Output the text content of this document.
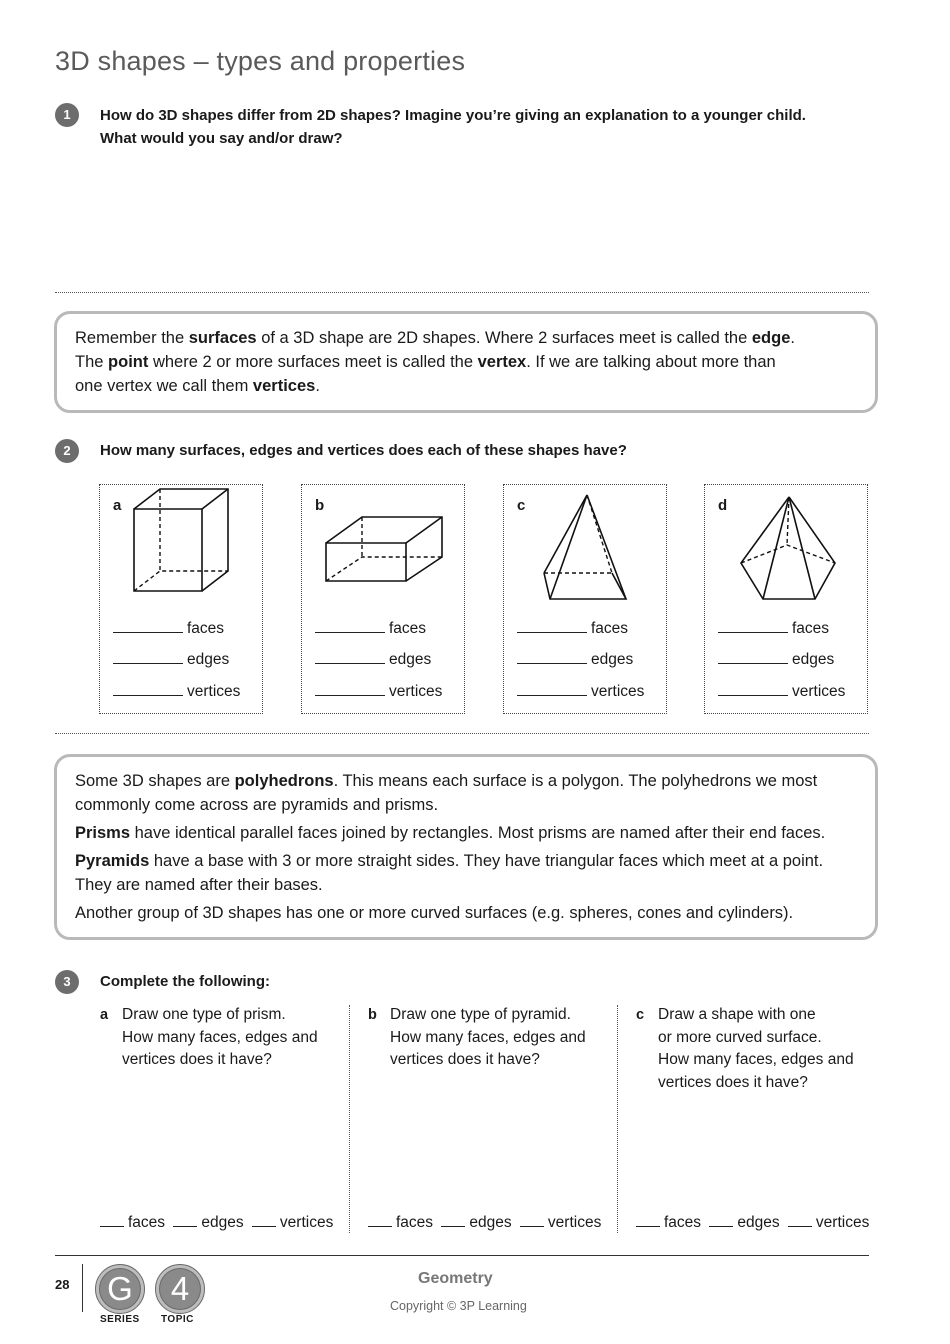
3D shapes – types and properties
1	How do 3D shapes differ from 2D shapes? Imagine you’re giving an explanation to a younger child.
What would you say and/or draw?

Remember the surfaces of a 3D shape are 2D shapes. Where 2 surfaces meet is called the edge.
The point where 2 or more surfaces meet is called the vertex. If we are talking about more than
one vertex we call them vertices.

2	How many surfaces, edges and vertices does each of these shapes have?
a
faces
edges
vertices
b
faces
edges
vertices
c
faces
edges
vertices
d
faces
edges
vertices

Some 3D shapes are polyhedrons. This means each surface is a polygon. The polyhedrons we most
commonly come across are pyramids and prisms.

Prisms have identical parallel faces joined by rectangles. Most prisms are named after their end faces.

Pyramids have a base with 3 or more straight sides. They have triangular faces which meet at a point.
They are named after their bases.

Another group of 3D shapes has one or more curved surfaces (e.g. spheres, cones and cylinders).

3	Complete the following:
a Draw one type of prism.
How many faces, edges and
vertices does it have?
faces edges vertices
b Draw one type of pyramid.
How many faces, edges and
vertices does it have?
faces edges vertices
c Draw a shape with one
or more curved surface.
How many faces, edges and
vertices does it have?
faces edges vertices
28 G
SERIES
4
TOPIC
Geometry
Copyright © 3P Learning
